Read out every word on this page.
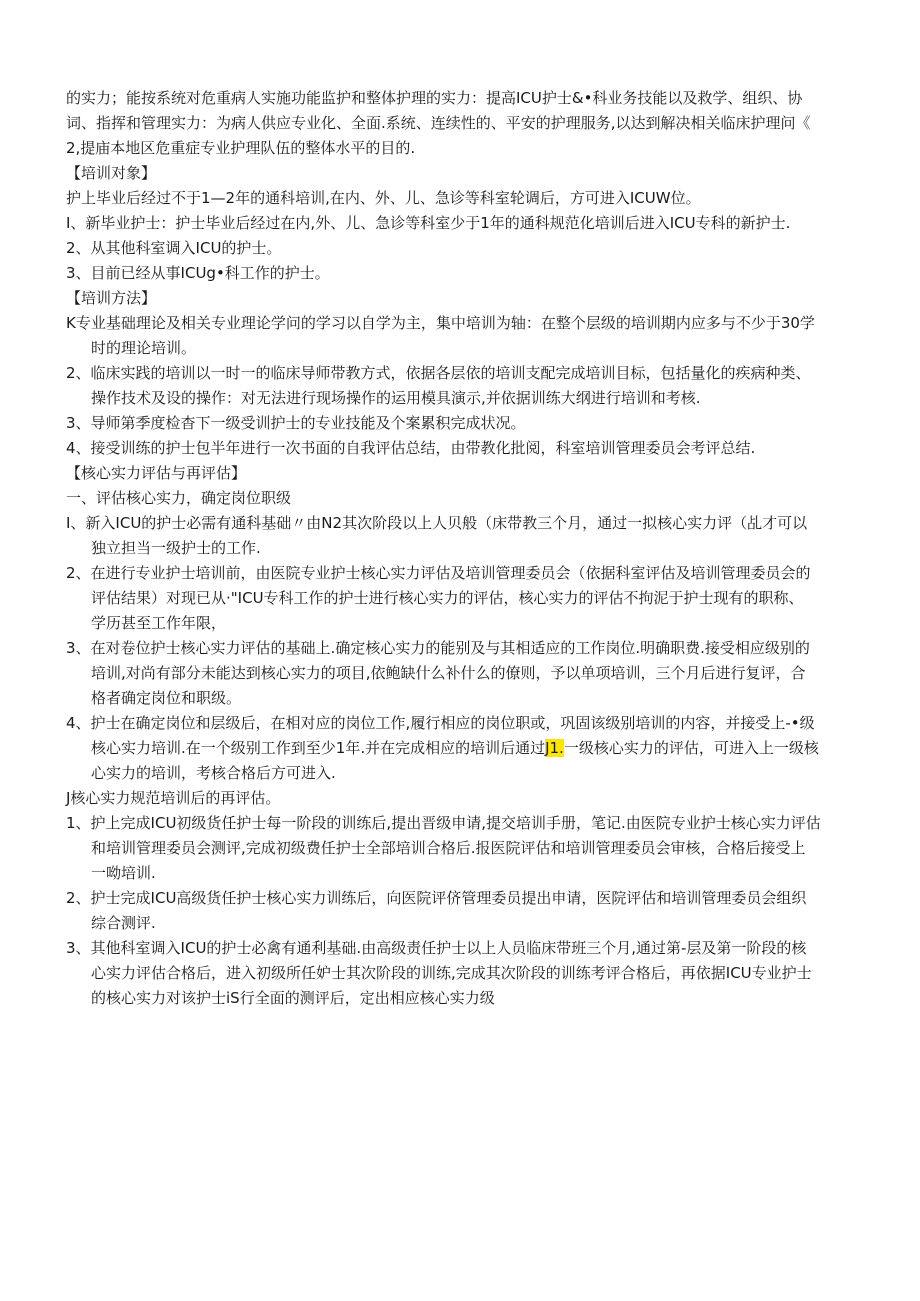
的实力；能按系统对危重病人实施功能监护和整体护理的实力：提高ICU护士&•科业务技能以及救学、组织、协
词、指挥和管理实力：为病人供应专业化、全面.系统、连续性的、平安的护理服务,以达到解决相关临床护理问《
2,提庙本地区危重症专业护理队伍的整体水平的目的.
【培训对象】
护上毕业后经过不于1—2年的通科培训,在内、外、儿、急诊等科室轮调后，方可进入ICUW位。
I、新毕业护士：护士毕业后经过在内,外、儿、急诊等科室少于1年的通科规范化培训后进入ICU专科的新护士.
2、从其他科室调入ICU的护士。
3、目前已经从事ICUg•科工作的护士。
【培训方法】
K专业基础理论及相关专业理论学问的学习以自学为主，集中培训为轴：在整个层级的培训期内应多与不少于30学
时的理论培训。
2、临床实践的培训以一时一的临床导师带教方式，依据各层依的培训支配完成培训目标，包括量化的疾病种类、
操作技术及设的操作：对无法进行现场操作的运用模具演示,并依据训练大纲进行培训和考核.
3、导师第季度检杳下一级受训护士的专业技能及个案累积完成状况。
4、接受训练的护士包半年进行一次书面的自我评估总结，由带教化批阅，科室培训管理委员会考评总结.
【核心实力评估与再评估】
一、评估核心实力，确定岗位职级
I、新入ICU的护士必需有通科基础〃由N2其次阶段以上人贝般（床带教三个月，通过一拟核心实力评（乩才可以
独立担当一级护士的工作.
2、在进行专业护士培训前，由医院专业护士核心实力评估及培训管理委员会（依据科室评估及培训管理委员会的
评估结果）对现已从·"ICU专科工作的护士进行核心实力的评估，核心实力的评估不拘泥于护士现有的职称、
学历甚至工作年限，
3、在对卷位护士核心实力评估的基础上.确定核心实力的能别及与其相适应的工作岗位.明确职费.接受相应级别的
培训,对尚有部分未能达到核心实力的项目,依鲍缺什么补什么的僚则，予以单项培训，三个月后进行复评，合
格者确定岗位和职级。
4、护士在确定岗位和层级后，在相对应的岗位工作,履行相应的岗位职或，巩固该级别培训的内容，并接受上-•级
核心实力培训.在一个级别工作到至少1年.并在完成相应的培训后通过J1.一级核心实力的评估，可进入上一级核
心实力的培训，考核合格后方可进入.
J核心实力规范培训后的再评估。
1、护上完成ICU初级货任护士每一阶段的训练后,提出晋级申请,提交培训手册，笔记.由医院专业护士核心实力评估
和培训管理委员会测评,完成初级费任护士全部培训合格后.报医院评估和培训管理委员会审核，合格后接受上
一呦培训.
2、护士完成ICU高级货任护士核心实力训练后，向医院评侪管理委员提出申请，医院评估和培训管理委员会组织
综合测评.
3、其他科室调入ICU的护士必禽有通利基础.由高级责任护士以上人员临床带班三个月,通过第-层及第一阶段的核
心实力评估合格后，进入初级所任妒士其次阶段的训练,完成其次阶段的训练考评合格后，再依据ICU专业护士
的核心实力对该护士iS行全面的测评后，定出相应核心实力级
